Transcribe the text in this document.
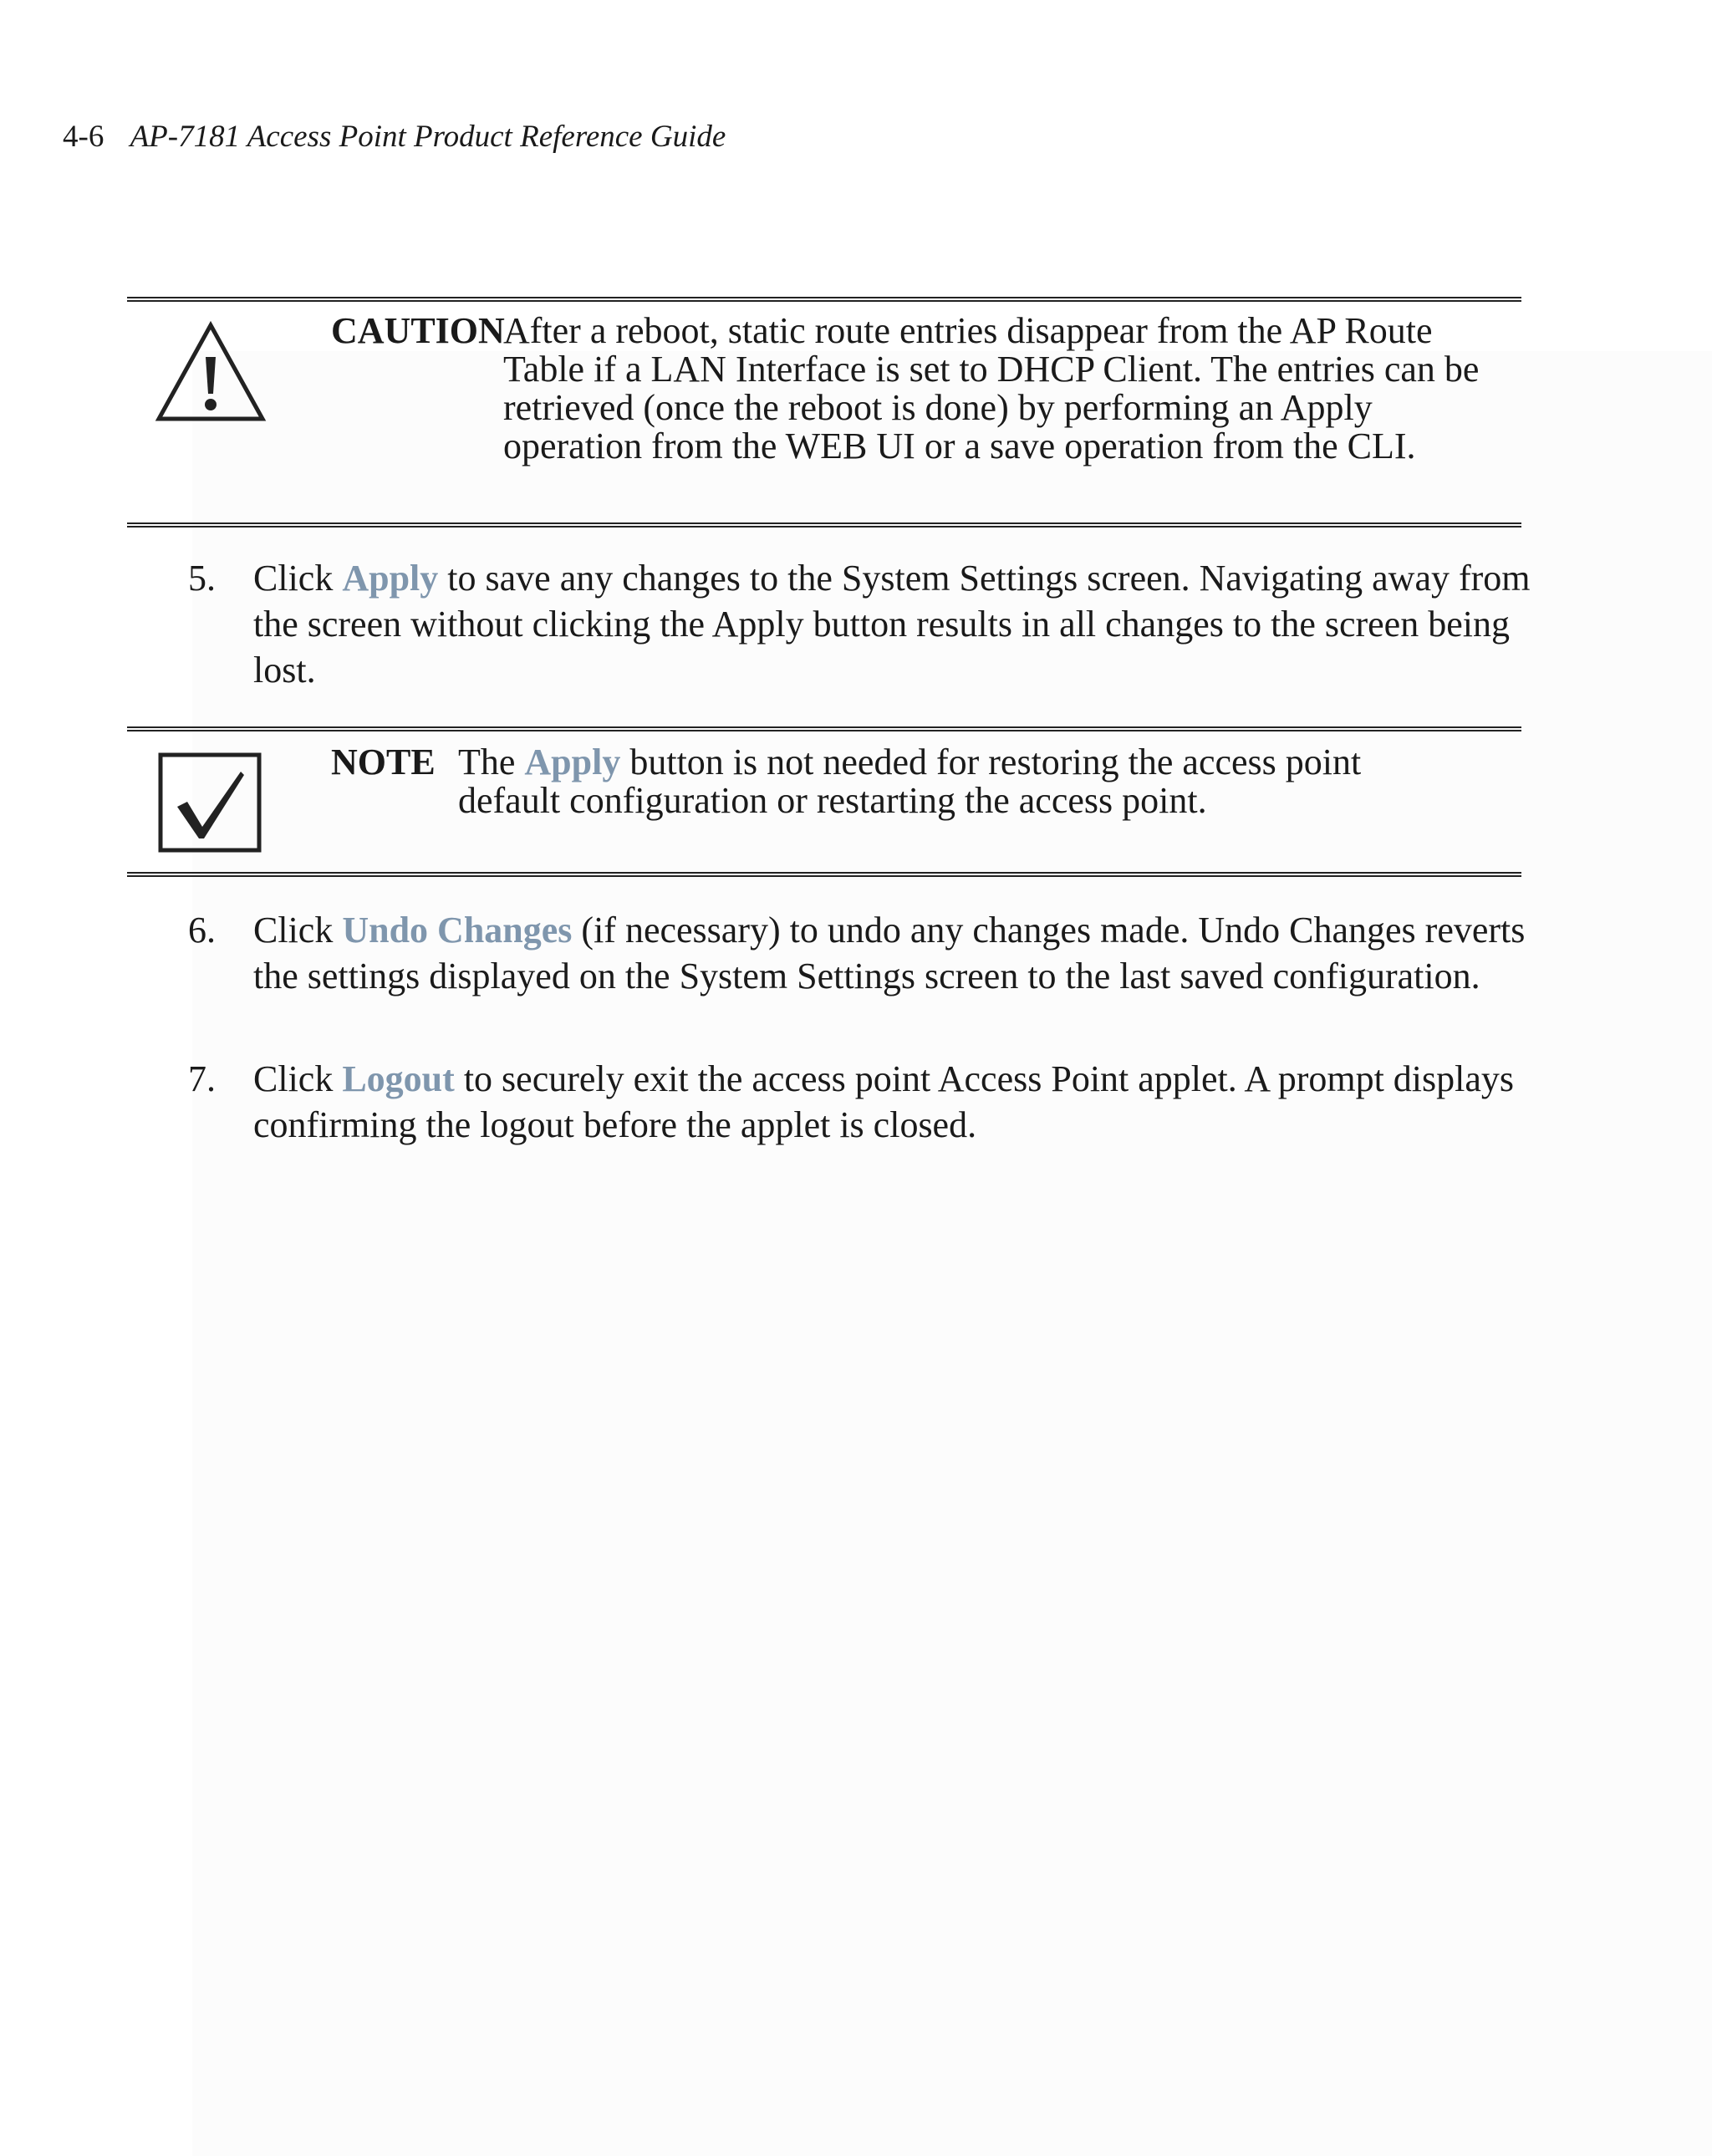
4-6 AP-7181 Access Point Product Reference Guide
CAUTION
After a reboot, static route entries disappear from the AP Route Table if a LAN Interface is set to DHCP Client. The entries can be retrieved (once the reboot is done) by performing an Apply operation from the WEB UI or a save operation from the CLI.
5. Click Apply to save any changes to the System Settings screen. Navigating away from the screen without clicking the Apply button results in all changes to the screen being lost.
NOTE The Apply button is not needed for restoring the access point default configuration or restarting the access point.
6. Click Undo Changes (if necessary) to undo any changes made. Undo Changes reverts the settings displayed on the System Settings screen to the last saved configuration.
7. Click Logout to securely exit the access point Access Point applet. A prompt displays confirming the logout before the applet is closed.
